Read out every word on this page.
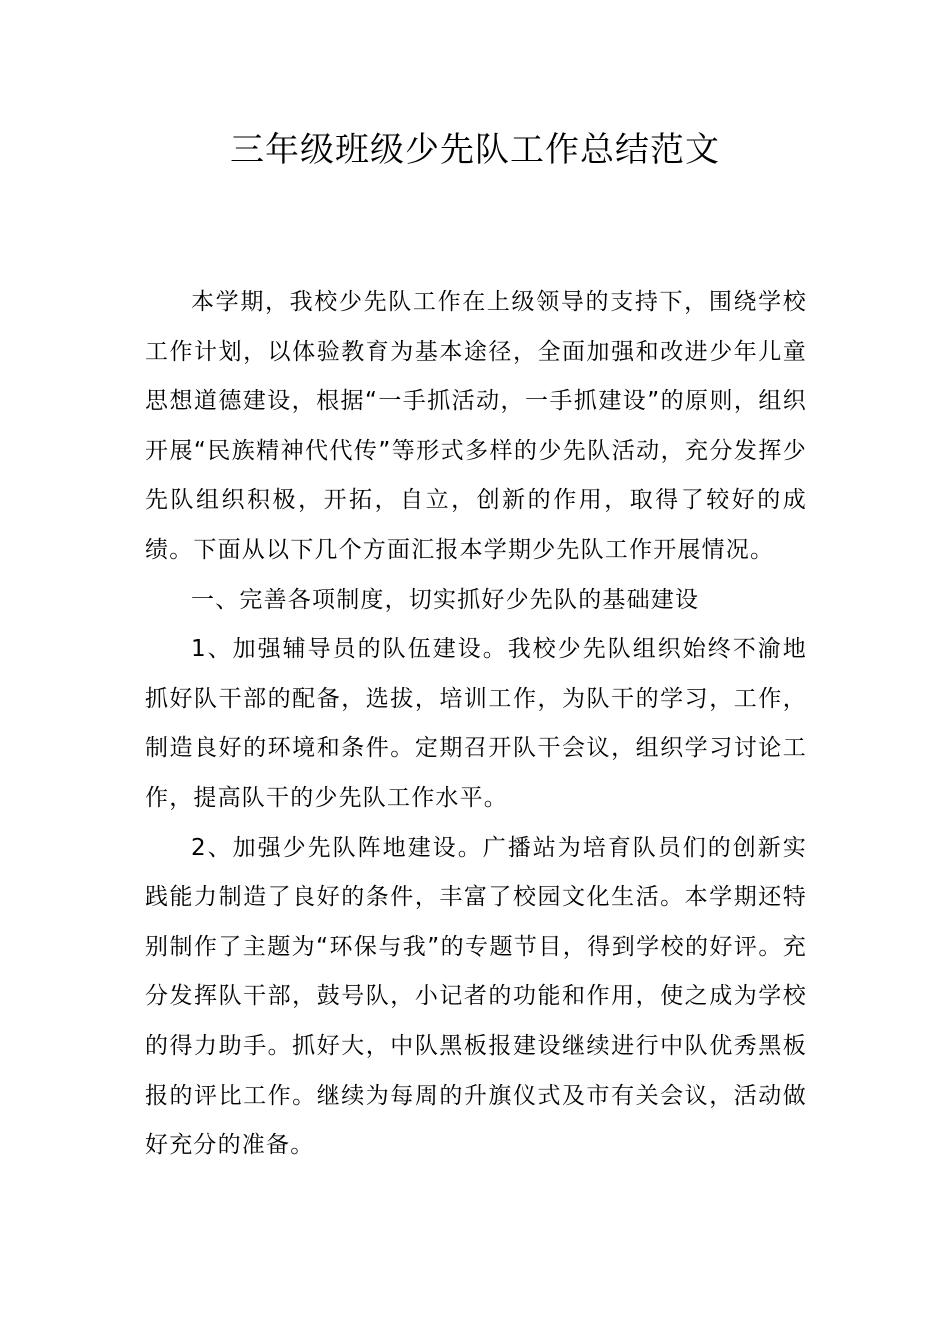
三年级班级少先队工作总结范文

本学期，我校少先队工作在上级领导的支持下，围绕学校工作计划，以体验教育为基本途径，全面加强和改进少年儿童思想道德建设，根据“一手抓活动，一手抓建设”的原则，组织开展“民族精神代代传”等形式多样的少先队活动，充分发挥少先队组织积极，开拓，自立，创新的作用，取得了较好的成绩。下面从以下几个方面汇报本学期少先队工作开展情况。

一、完善各项制度，切实抓好少先队的基础建设

1、加强辅导员的队伍建设。我校少先队组织始终不渝地抓好队干部的配备，选拔，培训工作，为队干的学习，工作，制造良好的环境和条件。定期召开队干会议，组织学习讨论工作，提高队干的少先队工作水平。

2、加强少先队阵地建设。广播站为培育队员们的创新实践能力制造了良好的条件，丰富了校园文化生活。本学期还特别制作了主题为“环保与我”的专题节目，得到学校的好评。充分发挥队干部，鼓号队，小记者的功能和作用，使之成为学校的得力助手。抓好大，中队黑板报建设继续进行中队优秀黑板报的评比工作。继续为每周的升旗仪式及市有关会议，活动做好充分的准备。
